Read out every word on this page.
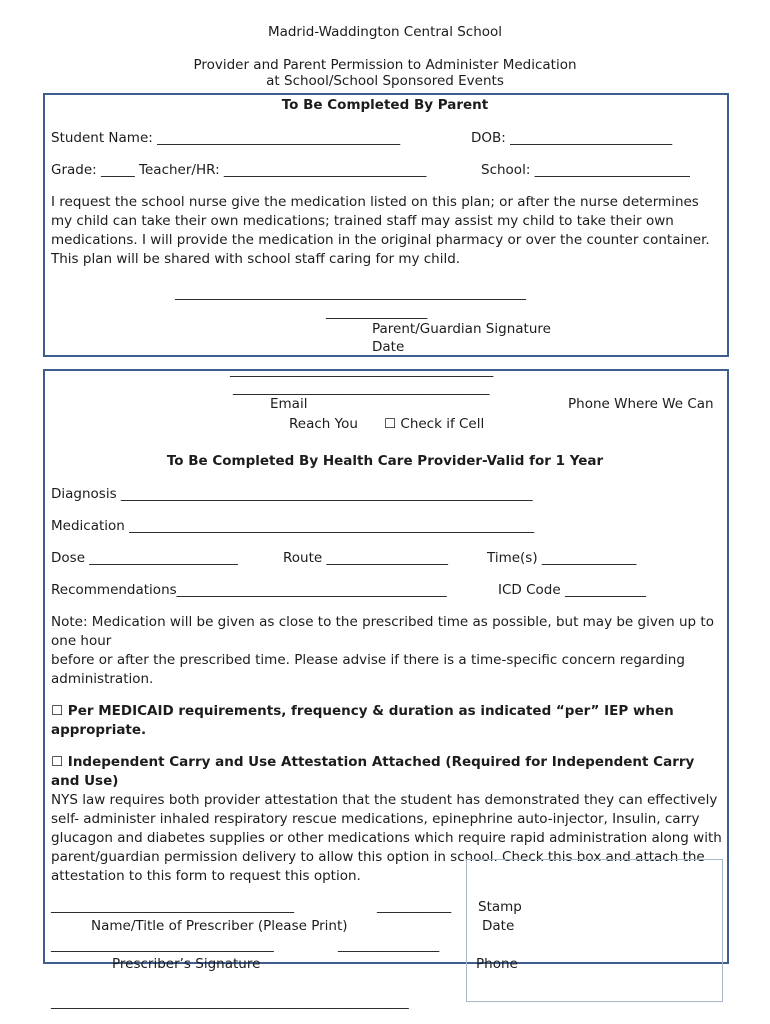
Madrid-Waddington Central School
Provider and Parent Permission to Administer Medication
at School/School Sponsored Events
To Be Completed By Parent
Student Name: ____________________________________	DOB: ________________________
Grade: _____ Teacher/HR: ______________________________	School: _______________________
I request the school nurse give the medication listed on this plan; or after the nurse determines my child can take their own medications; trained staff may assist my child to take their own medications. I will provide the medication in the original pharmacy or over the counter container. This plan will be shared with school staff caring for my child.
____________________________________________________
_______________
Parent/Guardian Signature
Date
_______________________________________
______________________________________
Email	Phone Where We Can
Reach You ☐ Check if Cell
To Be Completed By Health Care Provider-Valid for 1 Year
Diagnosis _____________________________________________________________
Medication ____________________________________________________________
Dose ______________________	Route __________________	Time(s) ______________
Recommendations________________________________________	ICD Code ____________
Note: Medication will be given as close to the prescribed time as possible, but may be given up to one hour
before or after the prescribed time. Please advise if there is a time-specific concern regarding administration.
☐ Per MEDICAID requirements, frequency & duration as indicated “per” IEP when appropriate.
☐ Independent Carry and Use Attestation Attached (Required for Independent Carry and Use)
NYS law requires both provider attestation that the student has demonstrated they can effectively self- administer inhaled respiratory rescue medications, epinephrine auto-injector, Insulin, carry glucagon and diabetes supplies or other medications which require rapid administration along with parent/guardian permission delivery to allow this option in school. Check this box and attach the attestation to this form to request this option.
____________________________________	___________ Stamp
Name/Title of Prescriber (Please Print)	Date
_________________________________	_______________
Prescriber’s Signature	Phone
_____________________________________________________
